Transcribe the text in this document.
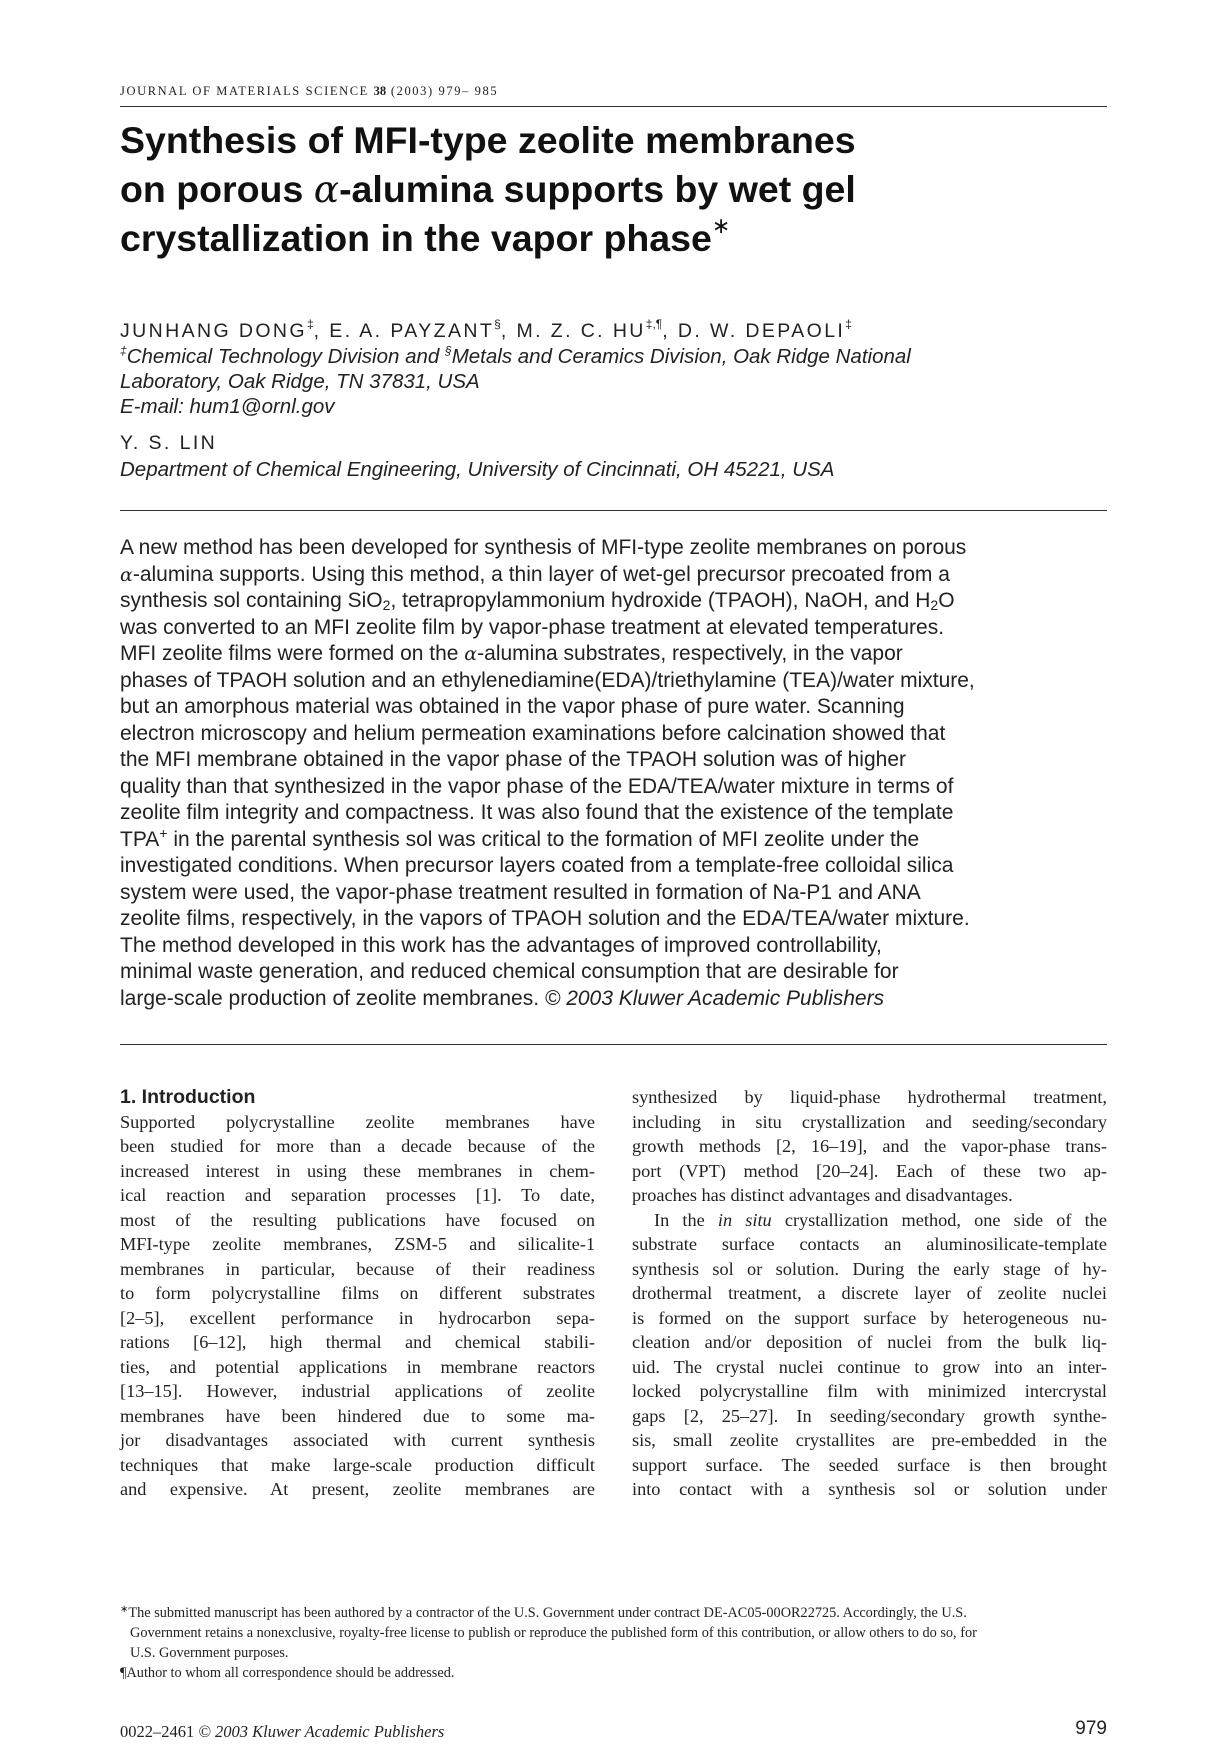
JOURNAL OF MATERIALS SCIENCE 38 (2003) 979– 985
Synthesis of MFI-type zeolite membranes
on porous α-alumina supports by wet gel
crystallization in the vapor phase∗
JUNHANG DONG‡, E. A. PAYZANT§, M. Z. C. HU‡,¶, D. W. DEPAOLI‡
‡Chemical Technology Division and §Metals and Ceramics Division, Oak Ridge National
Laboratory, Oak Ridge, TN 37831, USA
E-mail: hum1@ornl.gov
Y. S. LIN
Department of Chemical Engineering, University of Cincinnati, OH 45221, USA
A new method has been developed for synthesis of MFI-type zeolite membranes on porous
α-alumina supports. Using this method, a thin layer of wet-gel precursor precoated from a
synthesis sol containing SiO$_2$, tetrapropylammonium hydroxide (TPAOH), NaOH, and $H_2O$
was converted to an MFI zeolite film by vapor-phase treatment at elevated temperatures.
MFI zeolite films were formed on the α-alumina substrates, respectively, in the vapor
phases of TPAOH solution and an ethylenediamine(EDA)/triethylamine (TEA)/water mixture,
but an amorphous material was obtained in the vapor phase of pure water. Scanning
electron microscopy and helium permeation examinations before calcination showed that
the MFI membrane obtained in the vapor phase of the TPAOH solution was of higher
quality than that synthesized in the vapor phase of the EDA/TEA/water mixture in terms of
zeolite film integrity and compactness. It was also found that the existence of the template
TPA+ in the parental synthesis sol was critical to the formation of MFI zeolite under the
investigated conditions. When precursor layers coated from a template-free colloidal silica
system were used, the vapor-phase treatment resulted in formation of Na-P1 and ANA
zeolite films, respectively, in the vapors of TPAOH solution and the EDA/TEA/water mixture.
The method developed in this work has the advantages of improved controllability,
minimal waste generation, and reduced chemical consumption that are desirable for
large-scale production of zeolite membranes. © 2003 Kluwer Academic Publishers
1. Introduction
Supported polycrystalline zeolite membranes have
been studied for more than a decade because of the
increased interest in using these membranes in chem-
ical reaction and separation processes [1]. To date,
most of the resulting publications have focused on
MFI-type zeolite membranes, ZSM-5 and silicalite-1
membranes in particular, because of their readiness
to form polycrystalline films on different substrates
[2–5], excellent performance in hydrocarbon sepa-
rations [6–12], high thermal and chemical stabili-
ties, and potential applications in membrane reactors
[13–15]. However, industrial applications of zeolite
membranes have been hindered due to some ma-
jor disadvantages associated with current synthesis
techniques that make large-scale production difficult
and expensive. At present, zeolite membranes are
synthesized by liquid-phase hydrothermal treatment,
including in situ crystallization and seeding/secondary
growth methods [2, 16–19], and the vapor-phase trans-
port (VPT) method [20–24]. Each of these two ap-
proaches has distinct advantages and disadvantages.
In the in situ crystallization method, one side of the
substrate surface contacts an aluminosilicate-template
synthesis sol or solution. During the early stage of hy-
drothermal treatment, a discrete layer of zeolite nuclei
is formed on the support surface by heterogeneous nu-
cleation and/or deposition of nuclei from the bulk liq-
uid. The crystal nuclei continue to grow into an inter-
locked polycrystalline film with minimized intercrystal
gaps [2, 25–27]. In seeding/secondary growth synthe-
sis, small zeolite crystallites are pre-embedded in the
support surface. The seeded surface is then brought
into contact with a synthesis sol or solution under
∗The submitted manuscript has been authored by a contractor of the U.S. Government under contract DE-AC05-00OR22725. Accordingly, the U.S.
Government retains a nonexclusive, royalty-free license to publish or reproduce the published form of this contribution, or allow others to do so, for
U.S. Government purposes.
¶Author to whom all correspondence should be addressed.
0022–2461 © 2003 Kluwer Academic Publishers	979
